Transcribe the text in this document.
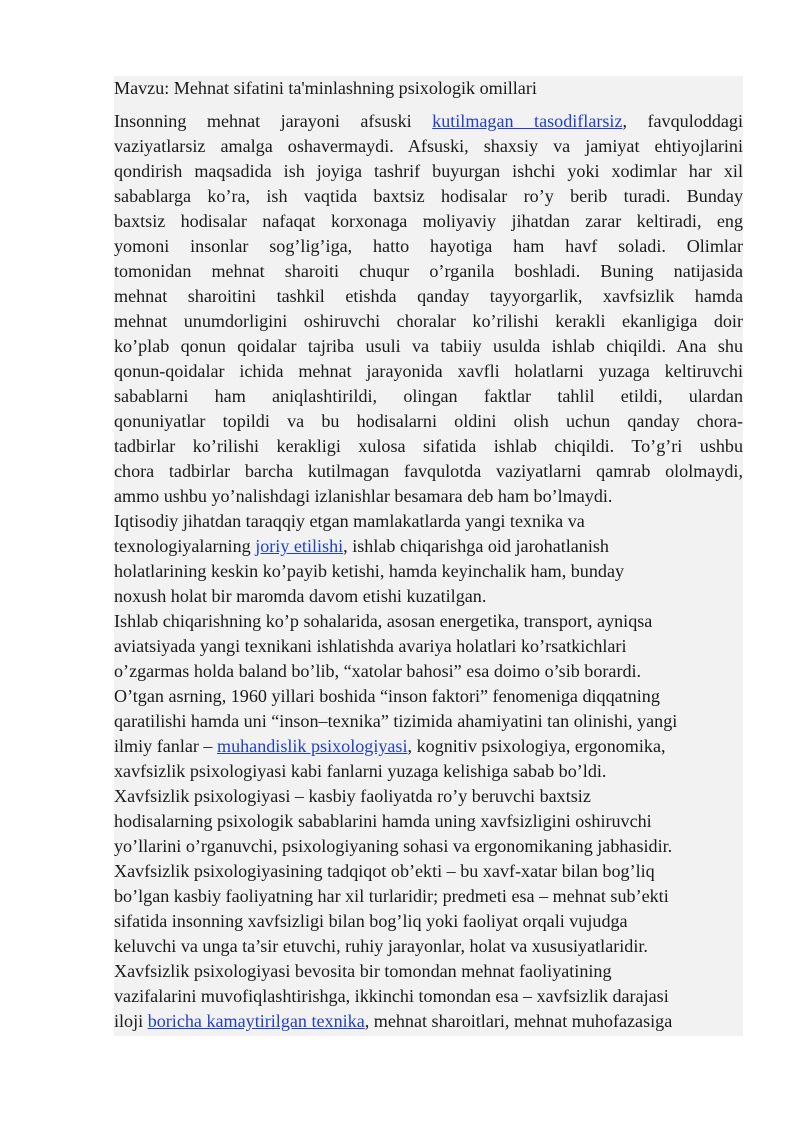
Mavzu: Mehnat sifatini ta'minlashning psixologik omillari

Insonning mehnat jarayoni afsuski kutilmagan tasodiflarsiz, favquloddagi
vaziyatlarsiz amalga oshavermaydi. Afsuski, shaxsiy va jamiyat ehtiyojlarini
qondirish maqsadida ish joyiga tashrif buyurgan ishchi yoki xodimlar har xil
sabablarga ko’ra, ish vaqtida baxtsiz hodisalar ro’y berib turadi. Bunday
baxtsiz hodisalar nafaqat korxonaga moliyaviy jihatdan zarar keltiradi, eng
yomoni insonlar sog’lig’iga, hatto hayotiga ham havf soladi. Olimlar
tomonidan mehnat sharoiti chuqur o’rganila boshladi. Buning natijasida
mehnat sharoitini tashkil etishda qanday tayyorgarlik, xavfsizlik hamda
mehnat unumdorligini oshiruvchi choralar ko’rilishi kerakli ekanligiga doir
ko’plab qonun qoidalar tajriba usuli va tabiiy usulda ishlab chiqildi. Ana shu
qonun-qoidalar ichida mehnat jarayonida xavfli holatlarni yuzaga keltiruvchi
sabablarni ham aniqlashtirildi, olingan faktlar tahlil etildi, ulardan
qonuniyatlar topildi va bu hodisalarni oldini olish uchun qanday chora-
tadbirlar ko’rilishi kerakligi xulosa sifatida ishlab chiqildi. To’g’ri ushbu
chora tadbirlar barcha kutilmagan favqulotda vaziyatlarni qamrab ololmaydi,
ammo ushbu yo’nalishdagi izlanishlar besamara deb ham bo’lmaydi.
Iqtisodiy jihatdan taraqqiy etgan mamlakatlarda yangi texnika va
texnologiyalarning joriy etilishi, ishlab chiqarishga oid jarohatlanish
holatlarining keskin ko’payib ketishi, hamda keyinchalik ham, bunday
noxush holat bir maromda davom etishi kuzatilgan.
Ishlab chiqarishning ko’p sohalarida, asosan energetika, transport, ayniqsa
aviatsiyada yangi texnikani ishlatishda avariya holatlari ko’rsatkichlari
o’zgarmas holda baland bo’lib, “xatolar bahosi” esa doimo o’sib borardi.
O’tgan asrning, 1960 yillari boshida “inson faktori” fenomeniga diqqatning
qaratilishi hamda uni “inson–texnika” tizimida ahamiyatini tan olinishi, yangi
ilmiy fanlar – muhandislik psixologiyasi, kognitiv psixologiya, ergonomika,
xavfsizlik psixologiyasi kabi fanlarni yuzaga kelishiga sabab bo’ldi.
Xavfsizlik psixologiyasi – kasbiy faoliyatda ro’y beruvchi baxtsiz
hodisalarning psixologik sabablarini hamda uning xavfsizligini oshiruvchi
yo’llarini o’rganuvchi, psixologiyaning sohasi va ergonomikaning jabhasidir.
Xavfsizlik psixologiyasining tadqiqot ob’ekti – bu xavf-xatar bilan bog’liq
bo’lgan kasbiy faoliyatning har xil turlaridir; predmeti esa – mehnat sub’ekti
sifatida insonning xavfsizligi bilan bog’liq yoki faoliyat orqali vujudga
keluvchi va unga ta’sir etuvchi, ruhiy jarayonlar, holat va xususiyatlaridir.
Xavfsizlik psixologiyasi bevosita bir tomondan mehnat faoliyatining
vazifalarini muvofiqlashtirishga, ikkinchi tomondan esa – xavfsizlik darajasi
iloji boricha kamaytirilgan texnika, mehnat sharoitlari, mehnat muhofazasiga
